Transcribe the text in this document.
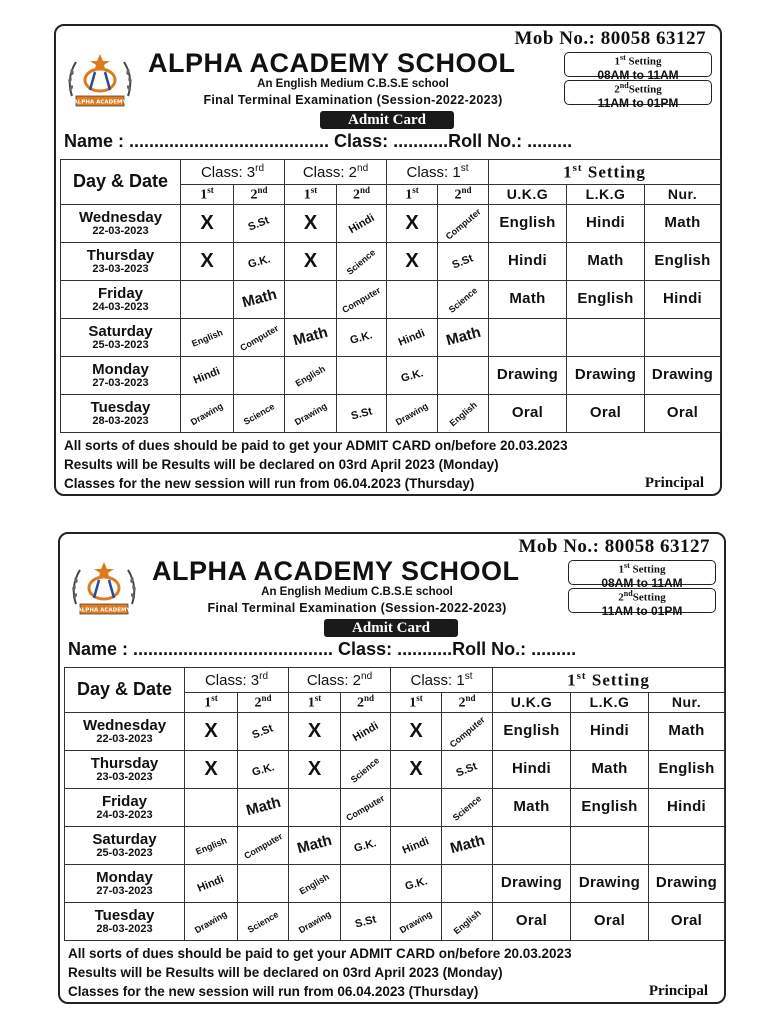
Mob No.: 80058 63127
ALPHA ACADEMY
ALPHA ACADEMY SCHOOL
An English Medium C.B.S.E school
Final Terminal Examination (Session-2022-2023)
1st Setting
08AM to 11AM
2ndSetting
11AM to 01PM
Admit Card
Name : ........................................ Class: ...........Roll No.: .........
Day & Date	Class: 3rd		Class: 2nd		Class: 1st		1st Setting		
	1st	2nd	1st	2nd	1st	2nd	U.K.G	L.K.G	Nur.

Wednesday
22-03-2023	X	S.St	X	Hindi	X	Computer	English	Hindi	Math

Thursday
23-03-2023	X	G.K.	X	Science	X	S.St	Hindi	Math	English

Friday
24-03-2023		Math		Computer		Science	Math	English	Hindi

Saturday
25-03-2023	English	Computer	Math	G.K.	Hindi	Math			

Monday
27-03-2023	Hindi		English		G.K.		Drawing	Drawing	Drawing

Tuesday
28-03-2023	Drawing	Science	Drawing	S.St	Drawing	English	Oral	Oral	Oral
All sorts of dues should be paid to get your ADMIT CARD on/before 20.03.2023
Results will be Results will be declared on 03rd April 2023 (Monday)
Classes for the new session will run from 06.04.2023 (Thursday)	Principal
Mob No.: 80058 63127
ALPHA ACADEMY
ALPHA ACADEMY SCHOOL
An English Medium C.B.S.E school
Final Terminal Examination (Session-2022-2023)
1st Setting
08AM to 11AM
2ndSetting
11AM to 01PM
Admit Card
Name : ........................................ Class: ...........Roll No.: .........
Day & Date	Class: 3rd		Class: 2nd		Class: 1st		1st Setting		
	1st	2nd	1st	2nd	1st	2nd	U.K.G	L.K.G	Nur.

Wednesday
22-03-2023	X	S.St	X	Hindi	X	Computer	English	Hindi	Math

Thursday
23-03-2023	X	G.K.	X	Science	X	S.St	Hindi	Math	English

Friday
24-03-2023		Math		Computer		Science	Math	English	Hindi

Saturday
25-03-2023	English	Computer	Math	G.K.	Hindi	Math			

Monday
27-03-2023	Hindi		English		G.K.		Drawing	Drawing	Drawing

Tuesday
28-03-2023	Drawing	Science	Drawing	S.St	Drawing	English	Oral	Oral	Oral
All sorts of dues should be paid to get your ADMIT CARD on/before 20.03.2023
Results will be Results will be declared on 03rd April 2023 (Monday)
Classes for the new session will run from 06.04.2023 (Thursday)	Principal
